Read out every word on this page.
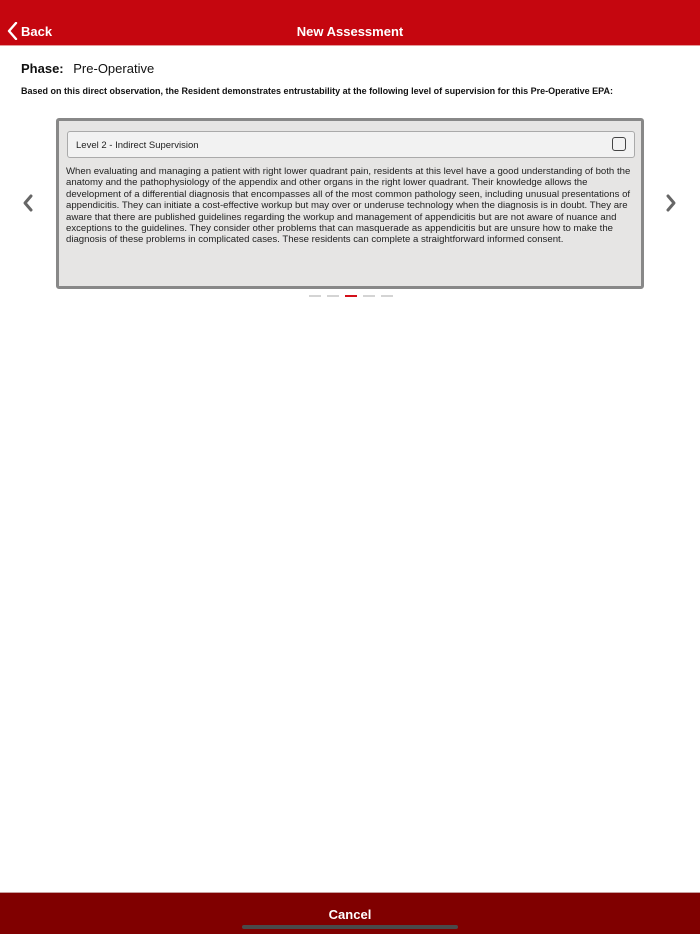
Back	New Assessment
Phase: Pre-Operative
Based on this direct observation, the Resident demonstrates entrustability at the following level of supervision for this Pre-Operative EPA:
Level 2 - Indirect Supervision
When evaluating and managing a patient with right lower quadrant pain, residents at this level have a good understanding of both the anatomy and the pathophysiology of the appendix and other organs in the right lower quadrant. Their knowledge allows the development of a differential diagnosis that encompasses all of the most common pathology seen, including unusual presentations of appendicitis. They can initiate a cost-effective workup but may over or underuse technology when the diagnosis is in doubt. They are aware that there are published guidelines regarding the workup and management of appendicitis but are not aware of nuance and exceptions to the guidelines. They consider other problems that can masquerade as appendicitis but are unsure how to make the diagnosis of these problems in complicated cases. These residents can complete a straightforward informed consent.
Cancel
